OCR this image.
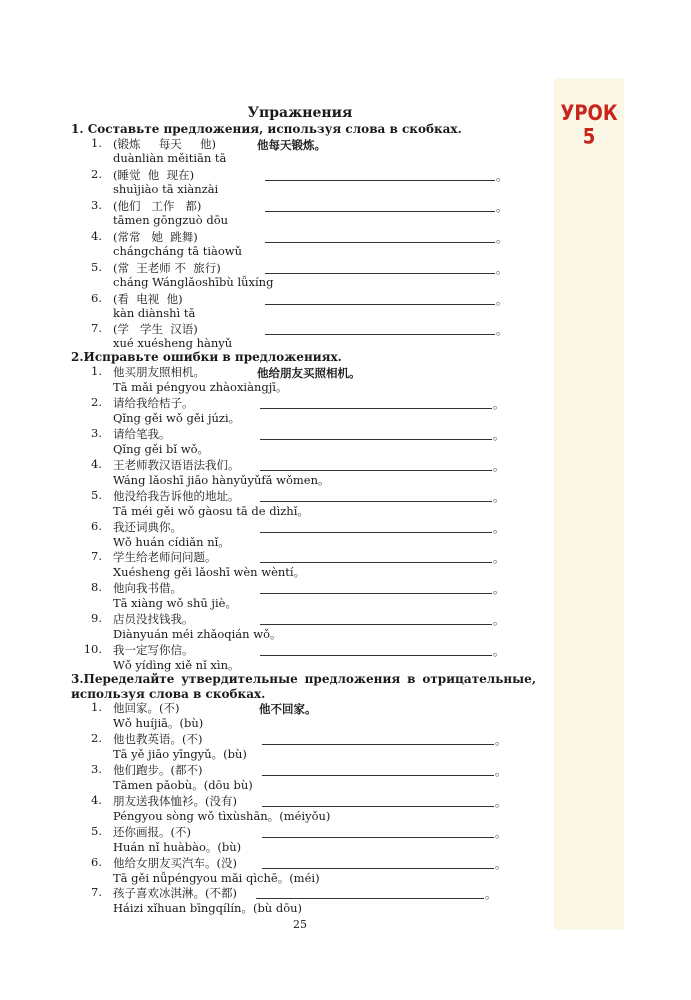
УРОК
5
Упражнения
1. Составьте предложения, используя слова в скобках.
1. (锻炼     每天     他)
duànliàn měitiān tā
他每天锻炼。
2. (睡觉  他  现在)
shuìjiào tā xiànzài
。
3. (他们   工作   都)
tāmen gōngzuò dōu
。
4. (常常   她  跳舞)
chángcháng tā tiàowǔ
。
5. (常  王老师 不  旅行)
cháng Wánglǎoshībù lǚxíng
。
6. (看  电视  他)
kàn diànshì tā
。
7. (学   学生  汉语)
xué xuésheng hànyǔ
。
2.Исправьте ошибки в предложениях.
1. 他买朋友照相机。
Tā mǎi péngyou zhàoxiàngjī。
他给朋友买照相机。
2. 请给我给桔子。
Qǐng gěi wǒ gěi júzi。
。
3. 请给笔我。
Qǐng gěi bǐ wǒ。
。
4. 王老师教汉语语法我们。
Wáng lǎoshī jiāo hànyǔyǔfǎ wǒmen。
。
5. 他没给我告诉他的地址。
Tā méi gěi wǒ gàosu tā de dìzhǐ。
。
6. 我还词典你。
Wǒ huán cídiǎn nǐ。
。
7. 学生给老师问问题。
Xuésheng gěi lǎoshī wèn wèntí。
。
8. 他向我书借。
Tā xiàng wǒ shū jiè。
。
9. 店员没找钱我。
Diànyuán méi zhǎoqián wǒ。
。
10. 我一定写你信。
Wǒ yídìng xiě nǐ xìn。
。
3.Переделайте утвердительные предложения в отрицательные,
используя слова в скобках.
1. 他回家。(不)
Wǒ huíjiā。(bù)
他不回家。
2. 他也教英语。(不)
Tā yě jiāo yīngyǔ。(bù)
。
3. 他们跑步。(都不)
Tāmen pǎobù。(dōu bù)
。
4. 朋友送我体恤衫。(没有)
Péngyou sòng wǒ tìxùshān。(méiyǒu)
。
5. 还你画报。(不)
Huán nǐ huàbào。(bù)
。
6. 他给女朋友买汽车。(没)
Tā gěi nǚpéngyou mǎi qìchē。(méi)
。
7. 孩子喜欢冰淇淋。(不都)
Háizi xǐhuan bīngqílín。(bù dōu)
。
25
